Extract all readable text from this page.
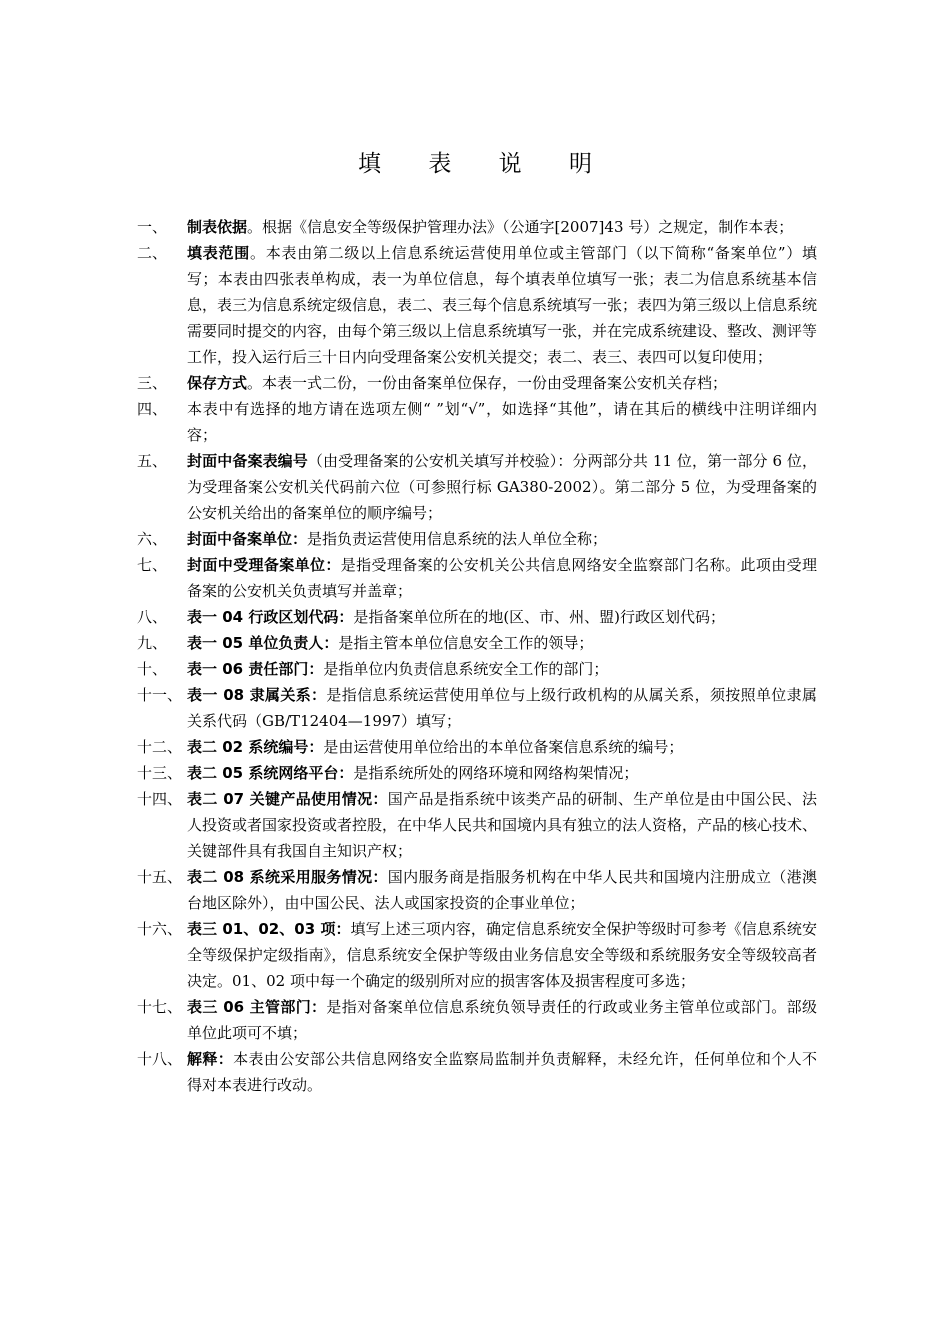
填 表 说 明
一、	制表依据。根据《信息安全等级保护管理办法》（公通字[2007]43 号）之规定，制作本表；
二、	填表范围。本表由第二级以上信息系统运营使用单位或主管部门（以下简称“备案单位”）填写；本表由四张表单构成，表一为单位信息，每个填表单位填写一张；表二为信息系统基本信息，表三为信息系统定级信息，表二、表三每个信息系统填写一张；表四为第三级以上信息系统需要同时提交的内容，由每个第三级以上信息系统填写一张，并在完成系统建设、整改、测评等工作，投入运行后三十日内向受理备案公安机关提交；表二、表三、表四可以复印使用；
三、	保存方式。本表一式二份，一份由备案单位保存，一份由受理备案公安机关存档；
四、	本表中有选择的地方请在选项左侧“ ”划“√”，如选择“其他”，请在其后的横线中注明详细内容；
五、	封面中备案表编号（由受理备案的公安机关填写并校验）：分两部分共 11 位，第一部分 6 位，为受理备案公安机关代码前六位（可参照行标 GA380-2002）。第二部分 5 位，为受理备案的公安机关给出的备案单位的顺序编号；
六、	封面中备案单位：是指负责运营使用信息系统的法人单位全称；
七、	封面中受理备案单位：是指受理备案的公安机关公共信息网络安全监察部门名称。此项由受理备案的公安机关负责填写并盖章；
八、	表一 04 行政区划代码：是指备案单位所在的地(区、市、州、盟)行政区划代码；
九、	表一 05 单位负责人：是指主管本单位信息安全工作的领导；
十、	表一 06 责任部门：是指单位内负责信息系统安全工作的部门；
十一、 表一 08 隶属关系：是指信息系统运营使用单位与上级行政机构的从属关系，须按照单位隶属关系代码（GB/T12404—1997）填写；
十二、 表二 02 系统编号：是由运营使用单位给出的本单位备案信息系统的编号；
十三、 表二 05 系统网络平台：是指系统所处的网络环境和网络构架情况；
十四、 表二 07 关键产品使用情况：国产品是指系统中该类产品的研制、生产单位是由中国公民、法人投资或者国家投资或者控股，在中华人民共和国境内具有独立的法人资格，产品的核心技术、关键部件具有我国自主知识产权；
十五、 表二 08 系统采用服务情况：国内服务商是指服务机构在中华人民共和国境内注册成立（港澳台地区除外），由中国公民、法人或国家投资的企事业单位；
十六、 表三 01、02、03 项：填写上述三项内容，确定信息系统安全保护等级时可参考《信息系统安全等级保护定级指南》，信息系统安全保护等级由业务信息安全等级和系统服务安全等级较高者决定。01、02 项中每一个确定的级别所对应的损害客体及损害程度可多选；
十七、 表三 06 主管部门：是指对备案单位信息系统负领导责任的行政或业务主管单位或部门。部级单位此项可不填；
十八、 解释：本表由公安部公共信息网络安全监察局监制并负责解释，未经允许，任何单位和个人不得对本表进行改动。
